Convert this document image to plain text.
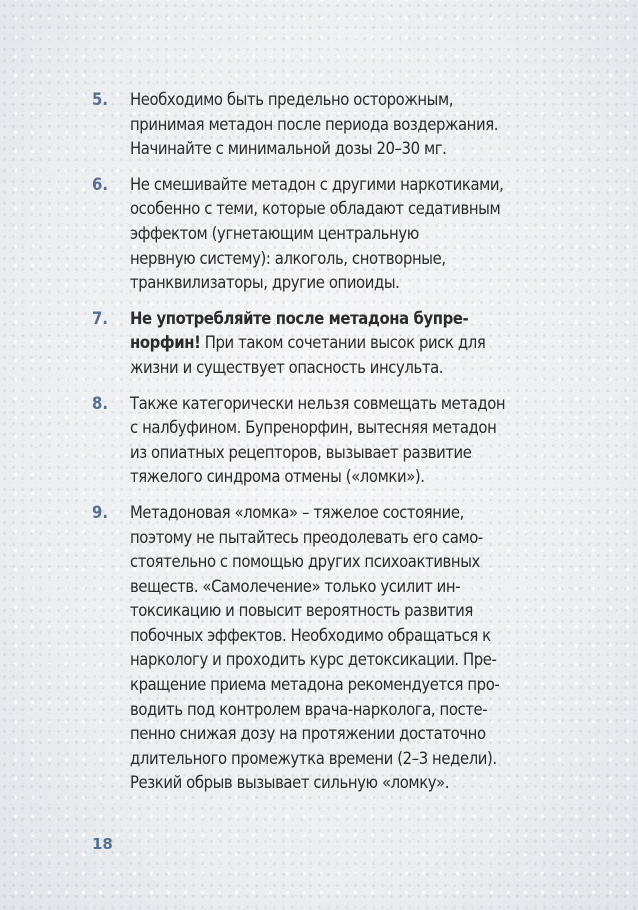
5.	Необходимо быть предельно осторожным,
принимая метадон после периода воздержания.
Начинайте с минимальной дозы 20–30 мг.
6.	Не смешивайте метадон с другими наркотиками,
особенно с теми, которые обладают седативным
эффектом (угнетающим центральную
нервную систему): алкоголь, снотворные,
транквилизаторы, другие опиоиды.
7.	Не употребляйте после метадона бупре-
норфин! При таком сочетании высок риск для
жизни и существует опасность инсульта.
8.	Также категорически нельзя совмещать метадон
с налбуфином. Бупренорфин, вытесняя метадон
из опиатных рецепторов, вызывает развитие
тяжелого синдрома отмены («ломки»).
9.	Метадоновая «ломка» – тяжелое состояние,
поэтому не пытайтесь преодолевать его само-
стоятельно с помощью других психоактивных
веществ. «Самолечение» только усилит ин-
токсикацию и повысит вероятность развития
побочных эффектов. Необходимо обращаться к
наркологу и проходить курс детоксикации. Пре-
кращение приема метадона рекомендуется про-
водить под контролем врача-нарколога, посте-
пенно снижая дозу на протяжении достаточно
длительного промежутка времени (2–3 недели).
Резкий обрыв вызывает сильную «ломку».
18
